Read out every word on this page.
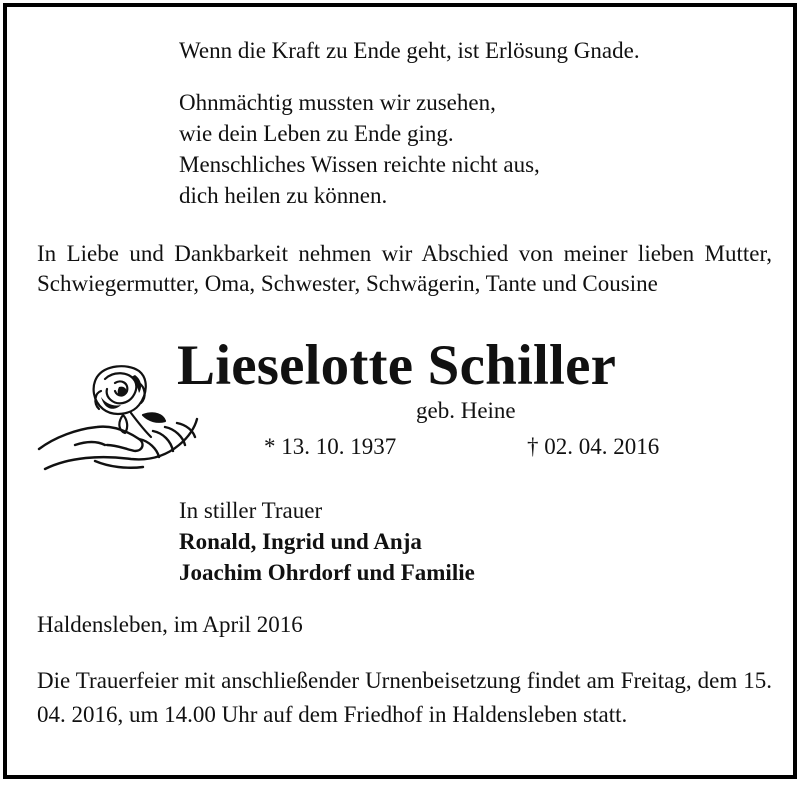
Wenn die Kraft zu Ende geht, ist Erlösung Gnade.
Ohnmächtig mussten wir zusehen,
wie dein Leben zu Ende ging.
Menschliches Wissen reichte nicht aus,
dich heilen zu können.
In Liebe und Dankbarkeit nehmen wir Abschied von meiner lieben Mutter, Schwiegermutter, Oma, Schwester, Schwägerin, Tante und Cousine
Lieselotte Schiller
geb. Heine
* 13. 10. 1937	† 02. 04. 2016
In stiller Trauer
Ronald, Ingrid und Anja
Joachim Ohrdorf und Familie
Haldensleben, im April 2016
Die Trauerfeier mit anschließender Urnenbeisetzung findet am Freitag, dem 15. 04. 2016, um 14.00 Uhr auf dem Friedhof in Haldensleben statt.
